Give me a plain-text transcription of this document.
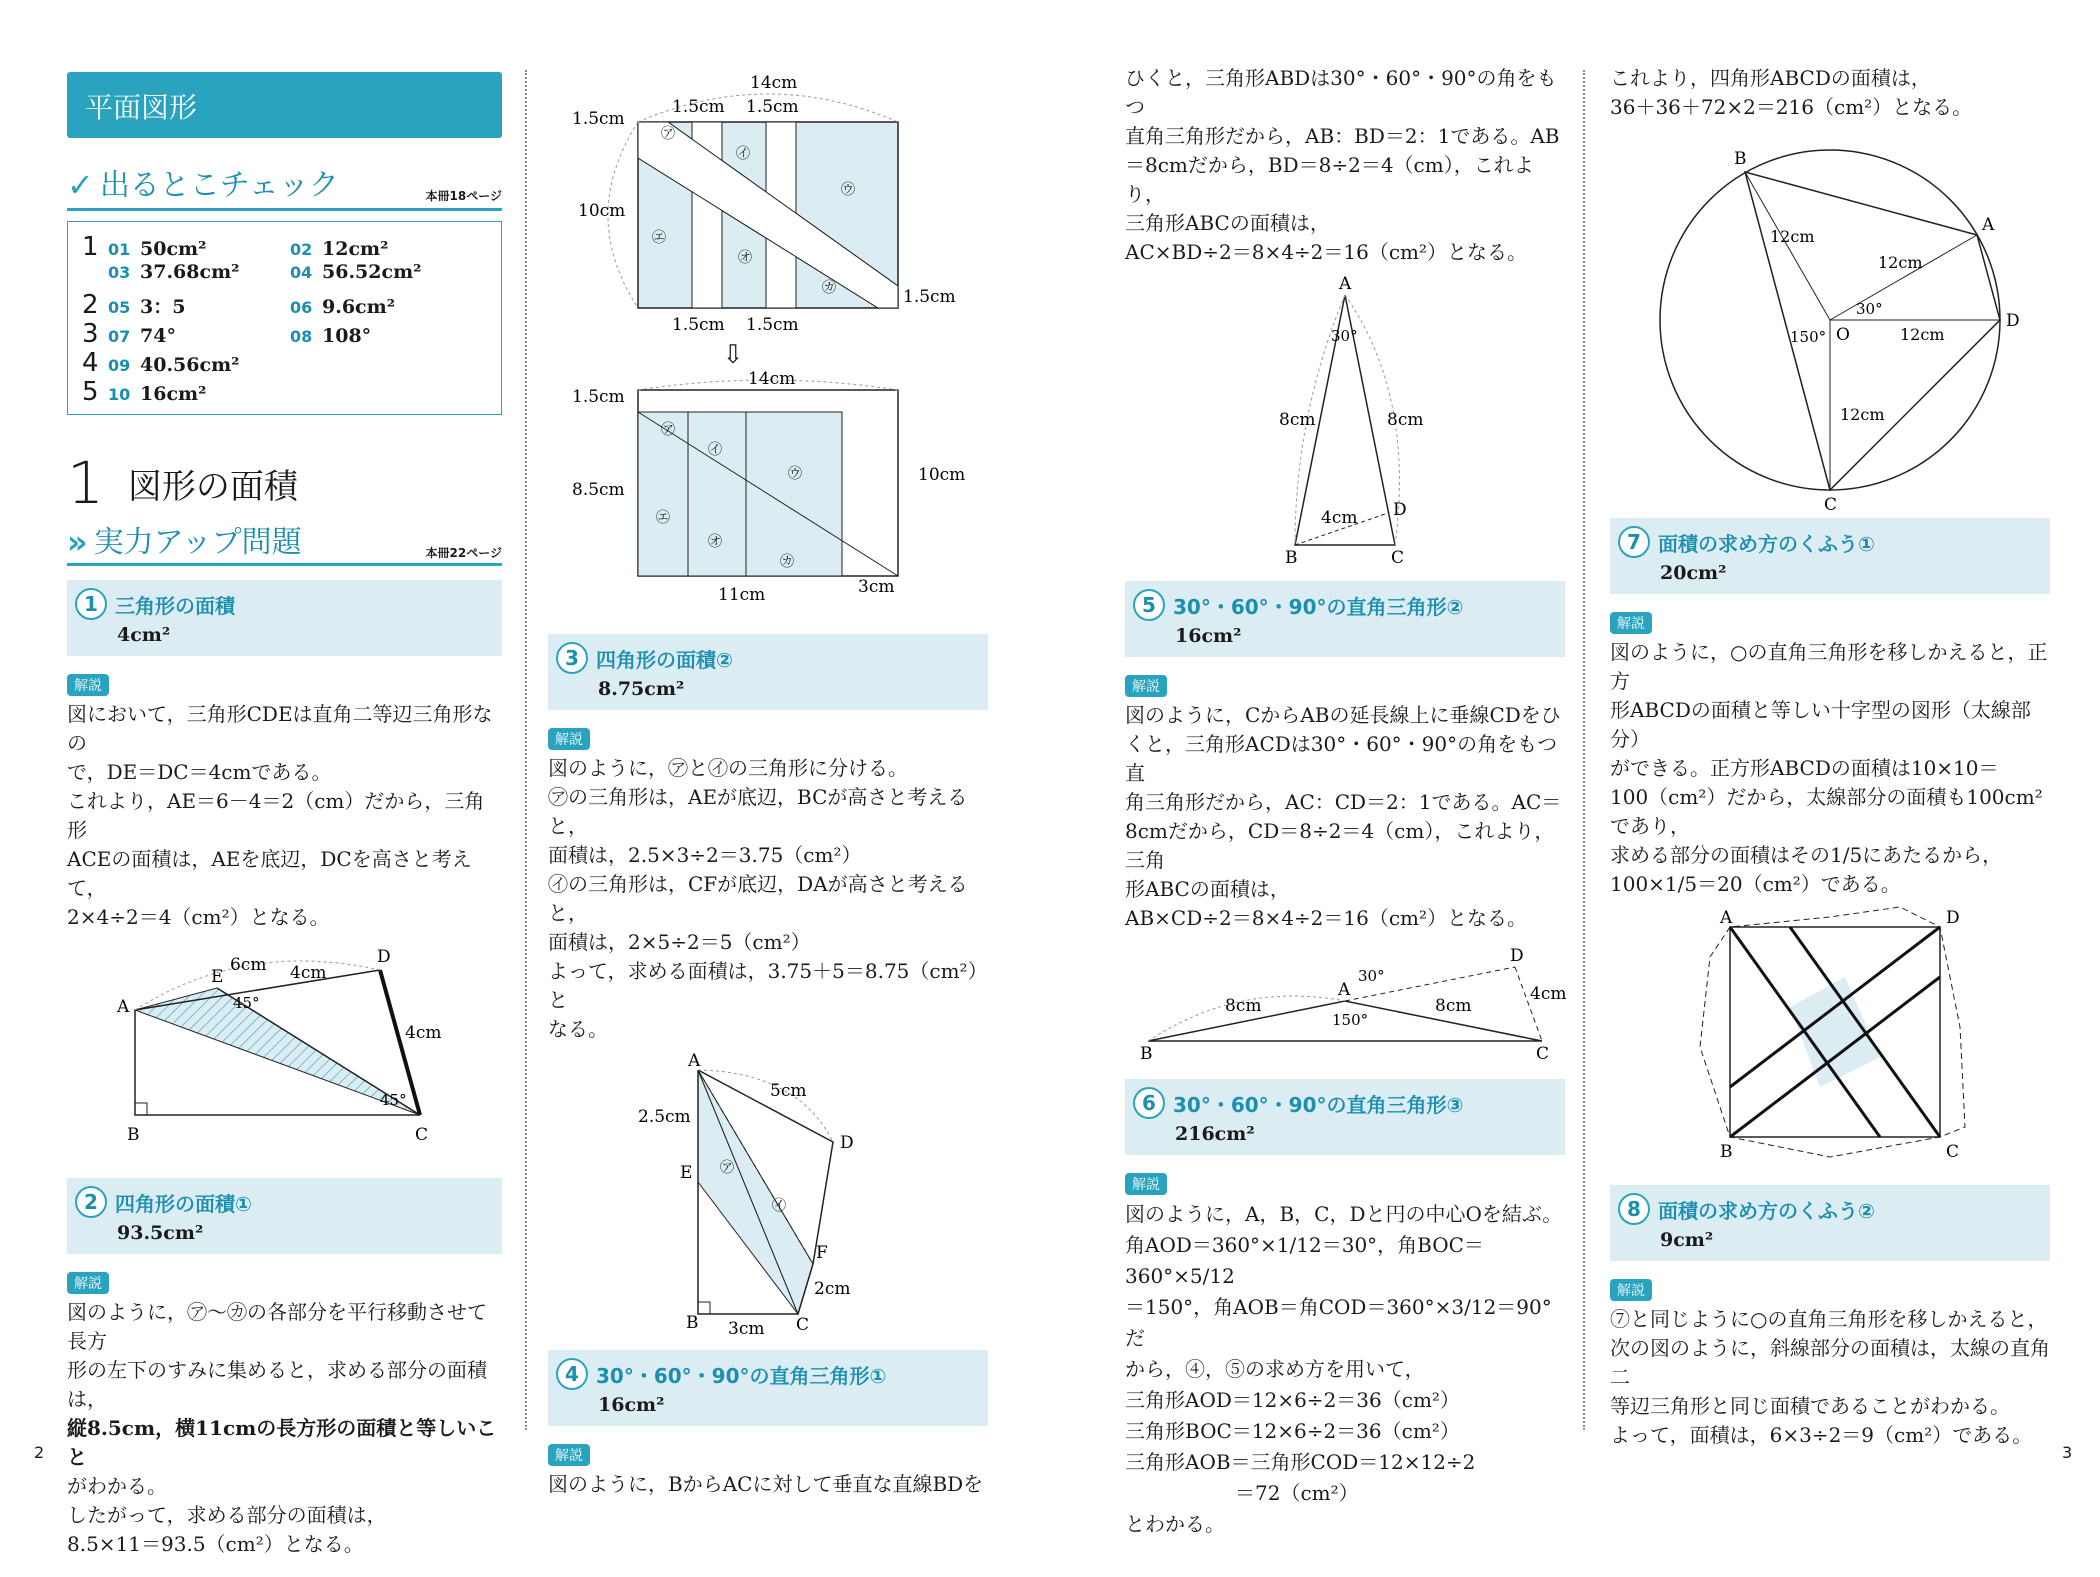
平面図形
✓ 出るとこチェック	本冊18ページ
1 01 50cm²	02 12cm²
03 37.68cm²	04 56.52cm²
2 05 3：5	06 9.6cm²
3 07 74°	08 108°
4 09 40.56cm²
5 10 16cm²
1 図形の面積
» 実力アップ問題	本冊22ページ
1 三角形の面積
4cm²
解説

図において，三角形CDEは直角二等辺三角形なの

で，DE＝DC＝4cmである。

これより，AE＝6－4＝2（cm）だから，三角形

ACEの面積は，AEを底辺，DCを高さと考えて，

2×4÷2＝4（cm²）となる。

A
B	C
D
E
6cm 4cm
4cm
45°
45°
2 四角形の面積①
93.5cm²
解説

図のように，㋐～㋕の各部分を平行移動させて長方

形の左下のすみに集めると，求める部分の面積は，

縦8.5cm，横11cmの長方形の面積と等しいこと

がわかる。

したがって，求める部分の面積は，

8.5×11＝93.5（cm²）となる。

14cm
1.5cm 1.5cm
1.5cm
10cm
1.5cm
1.5cm 1.5cm
㋐
㋑
㋒
㋓
㋔
㋕
⇩
14cm
1.5cm
8.5cm
10cm
11cm	3cm
㋐
㋑
㋒
㋓
㋔
㋕
3 四角形の面積②
8.75cm²
解説

図のように，㋐と㋑の三角形に分ける。

㋐の三角形は，AEが底辺，BCが高さと考えると，

面積は，2.5×3÷2＝3.75（cm²）

㋑の三角形は，CFが底辺，DAが高さと考えると，

面積は，2×5÷2＝5（cm²）

よって，求める面積は，3.75＋5＝8.75（cm²）と

なる。

A
B	C
D
E
F
5cm
2.5cm
3cm
2cm
㋐
㋑
4 30°・60°・90°の直角三角形①
16cm²
解説

図のように，BからACに対して垂直な直線BDを

ひくと，三角形ABDは30°・60°・90°の角をもつ

直角三角形だから，AB：BD＝2：1である。AB

＝8cmだから，BD＝8÷2＝4（cm），これより，

三角形ABCの面積は，

AC×BD÷2＝8×4÷2＝16（cm²）となる。

A
B	C
D
8cm	8cm
4cm
30°
5 30°・60°・90°の直角三角形②
16cm²
解説

図のように，CからABの延長線上に垂線CDをひ

くと，三角形ACDは30°・60°・90°の角をもつ直

角三角形だから，AC：CD＝2：1である。AC＝

8cmだから，CD＝8÷2＝4（cm），これより，三角

形ABCの面積は，

AB×CD÷2＝8×4÷2＝16（cm²）となる。

B
A
C
D
8cm	8cm
4cm
30°
150°
6 30°・60°・90°の直角三角形③
216cm²
解説

図のように，A，B，C，Dと円の中心Oを結ぶ。

角AOD＝360°×1/12＝30°，角BOC＝360°×5/12

＝150°，角AOB＝角COD＝360°×3/12＝90°だ

から，④，⑤の求め方を用いて，

三角形AOD＝12×6÷2＝36（cm²）

三角形BOC＝12×6÷2＝36（cm²）

三角形AOB＝三角形COD＝12×12÷2

＝72（cm²）

とわかる。

これより，四角形ABCDの面積は，

36＋36＋72×2＝216（cm²）となる。

B
A
D
C
O
12cm
12cm
12cm
12cm
30°
150°
7 面積の求め方のくふう①
20cm²
解説

図のように，○の直角三角形を移しかえると，正方

形ABCDの面積と等しい十字型の図形（太線部分）

ができる。正方形ABCDの面積は10×10＝

100（cm²）だから，太線部分の面積も100cm²であり，

求める部分の面積はその1/5にあたるから，

100×1/5＝20（cm²）である。

A	D
B	C
8 面積の求め方のくふう②
9cm²
解説

⑦と同じように○の直角三角形を移しかえると，

次の図のように，斜線部分の面積は，太線の直角二

等辺三角形と同じ面積であることがわかる。

よって，面積は，6×3÷2＝9（cm²）である。

2	3
